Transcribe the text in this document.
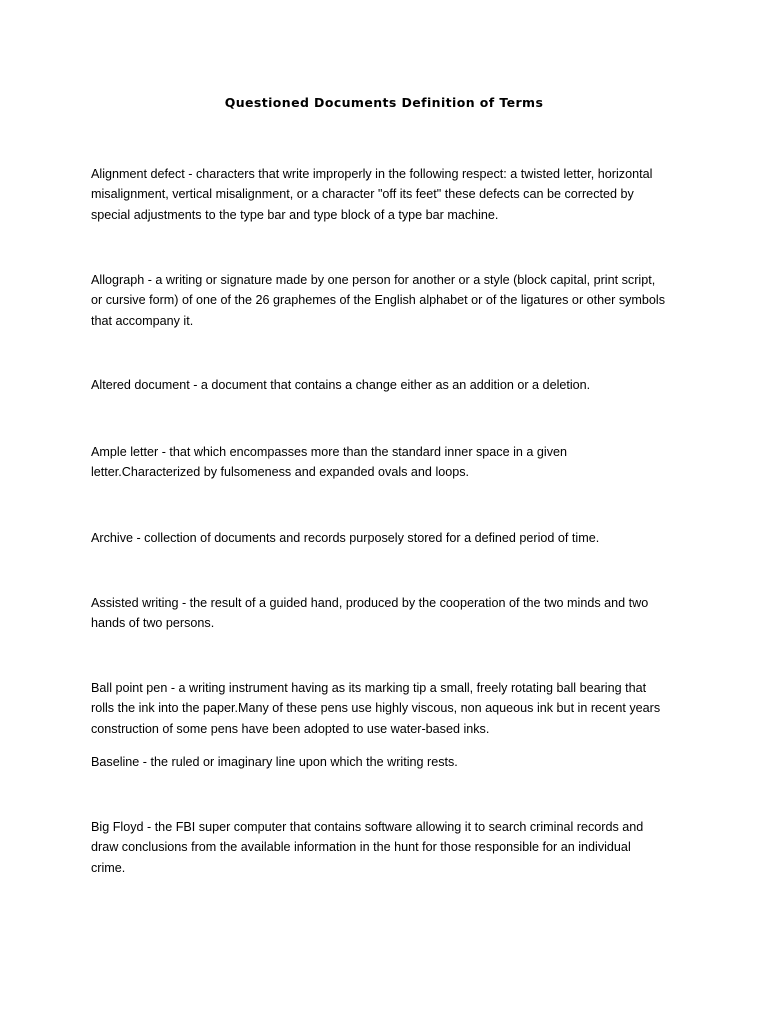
Questioned Documents Definition of Terms

Alignment defect - characters that write improperly in the following respect: a twisted letter, horizontal
misalignment, vertical misalignment, or a character "off its feet" these defects can be corrected by
special adjustments to the type bar and type block of a type bar machine.

Allograph - a writing or signature made by one person for another or a style (block capital, print script,
or cursive form) of one of the 26 graphemes of the English alphabet or of the ligatures or other symbols
that accompany it.

Altered document - a document that contains a change either as an addition or a deletion.

Ample letter - that which encompasses more than the standard inner space in a given
letter.Characterized by fulsomeness and expanded ovals and loops.

Archive - collection of documents and records purposely stored for a defined period of time.

Assisted writing - the result of a guided hand, produced by the cooperation of the two minds and two
hands of two persons.

Ball point pen - a writing instrument having as its marking tip a small, freely rotating ball bearing that
rolls the ink into the paper.Many of these pens use highly viscous, non aqueous ink but in recent years
construction of some pens have been adopted to use water-based inks.

Baseline - the ruled or imaginary line upon which the writing rests.

Big Floyd - the FBI super computer that contains software allowing it to search criminal records and
draw conclusions from the available information in the hunt for those responsible for an individual
crime.
